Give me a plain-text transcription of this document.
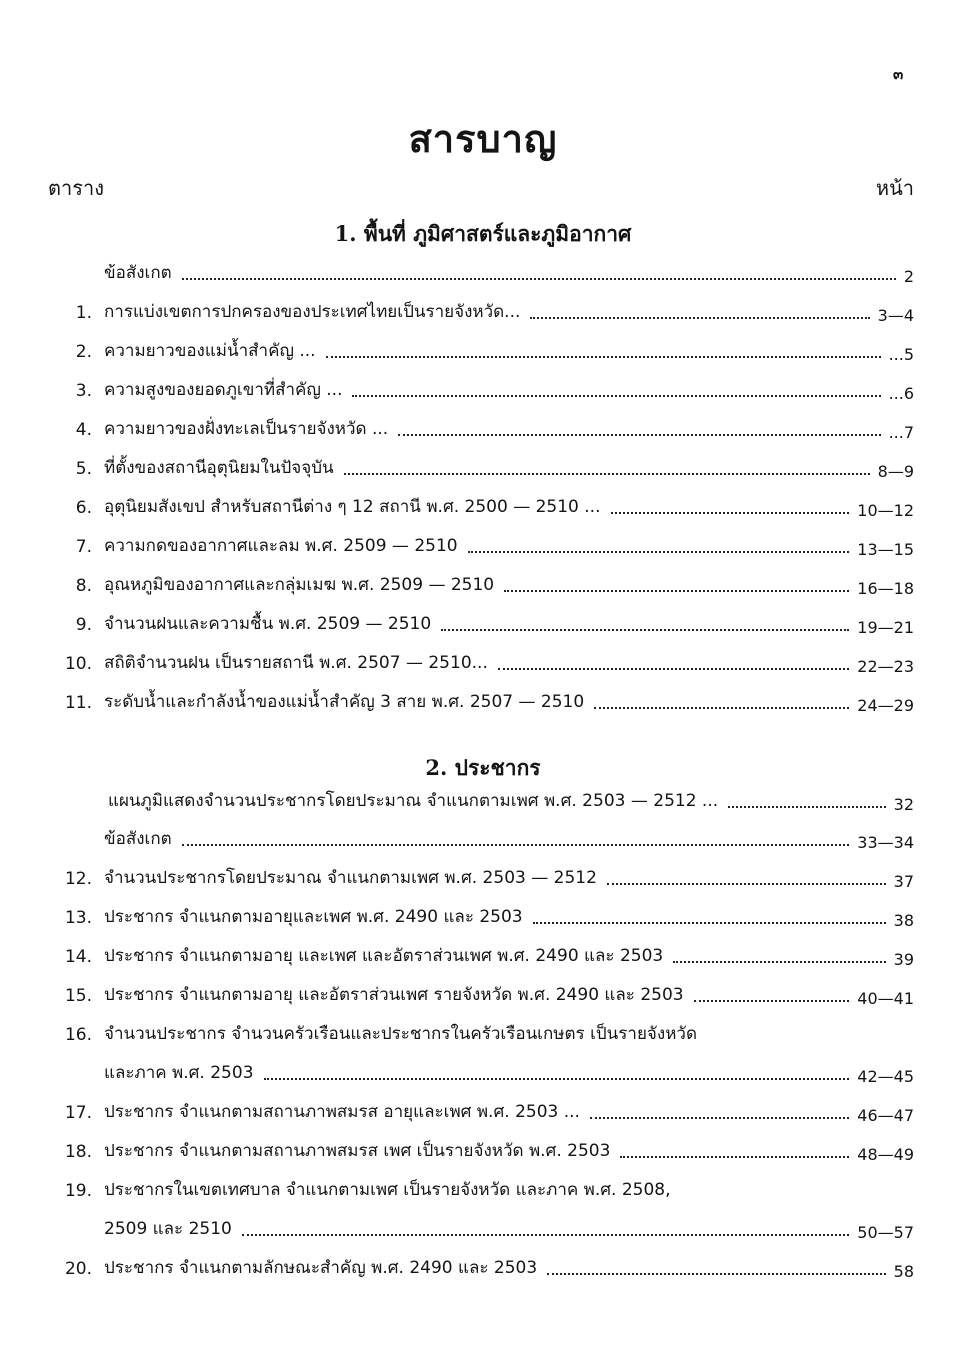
๓
สารบาญ
ตาราง	หน้า
1. พื้นที่ ภูมิศาสตร์และภูมิอากาศ
2. ประชากร
ข้อสังเกต	2
1. การแบ่งเขตการปกครองของประเทศไทยเป็นรายจังหวัด...	3—4
2. ความยาวของแม่น้ำสำคัญ ...	...5
3. ความสูงของยอดภูเขาที่สำคัญ ...	...6
4. ความยาวของฝั่งทะเลเป็นรายจังหวัด ...	...7
5. ที่ตั้งของสถานีอุตุนิยมในปัจจุบัน	8—9
6. อุตุนิยมสังเขป สำหรับสถานีต่าง ๆ 12 สถานี พ.ศ. 2500 — 2510 ...	10—12
7. ความกดของอากาศและลม พ.ศ. 2509 — 2510	13—15
8. อุณหภูมิของอากาศและกลุ่มเมฆ พ.ศ. 2509 — 2510	16—18
9. จำนวนฝนและความชื้น พ.ศ. 2509 — 2510	19—21
10. สถิติจำนวนฝน เป็นรายสถานี พ.ศ. 2507 — 2510...	22—23
11. ระดับน้ำและกำลังน้ำของแม่น้ำสำคัญ 3 สาย พ.ศ. 2507 — 2510	24—29
แผนภูมิแสดงจำนวนประชากรโดยประมาณ จำแนกตามเพศ พ.ศ. 2503 — 2512 ...	32
ข้อสังเกต	33—34
12. จำนวนประชากรโดยประมาณ จำแนกตามเพศ พ.ศ. 2503 — 2512	37
13. ประชากร จำแนกตามอายุและเพศ พ.ศ. 2490 และ 2503	38
14. ประชากร จำแนกตามอายุ และเพศ และอัตราส่วนเพศ พ.ศ. 2490 และ 2503	39
15. ประชากร จำแนกตามอายุ และอัตราส่วนเพศ รายจังหวัด พ.ศ. 2490 และ 2503	40—41
16. จำนวนประชากร จำนวนครัวเรือนและประชากรในครัวเรือนเกษตร เป็นรายจังหวัด
และภาค พ.ศ. 2503	42—45
17. ประชากร จำแนกตามสถานภาพสมรส อายุและเพศ พ.ศ. 2503 ...	46—47
18. ประชากร จำแนกตามสถานภาพสมรส เพศ เป็นรายจังหวัด พ.ศ. 2503	48—49
19. ประชากรในเขตเทศบาล จำแนกตามเพศ เป็นรายจังหวัด และภาค พ.ศ. 2508,
2509 และ 2510	50—57
20. ประชากร จำแนกตามลักษณะสำคัญ พ.ศ. 2490 และ 2503	58
